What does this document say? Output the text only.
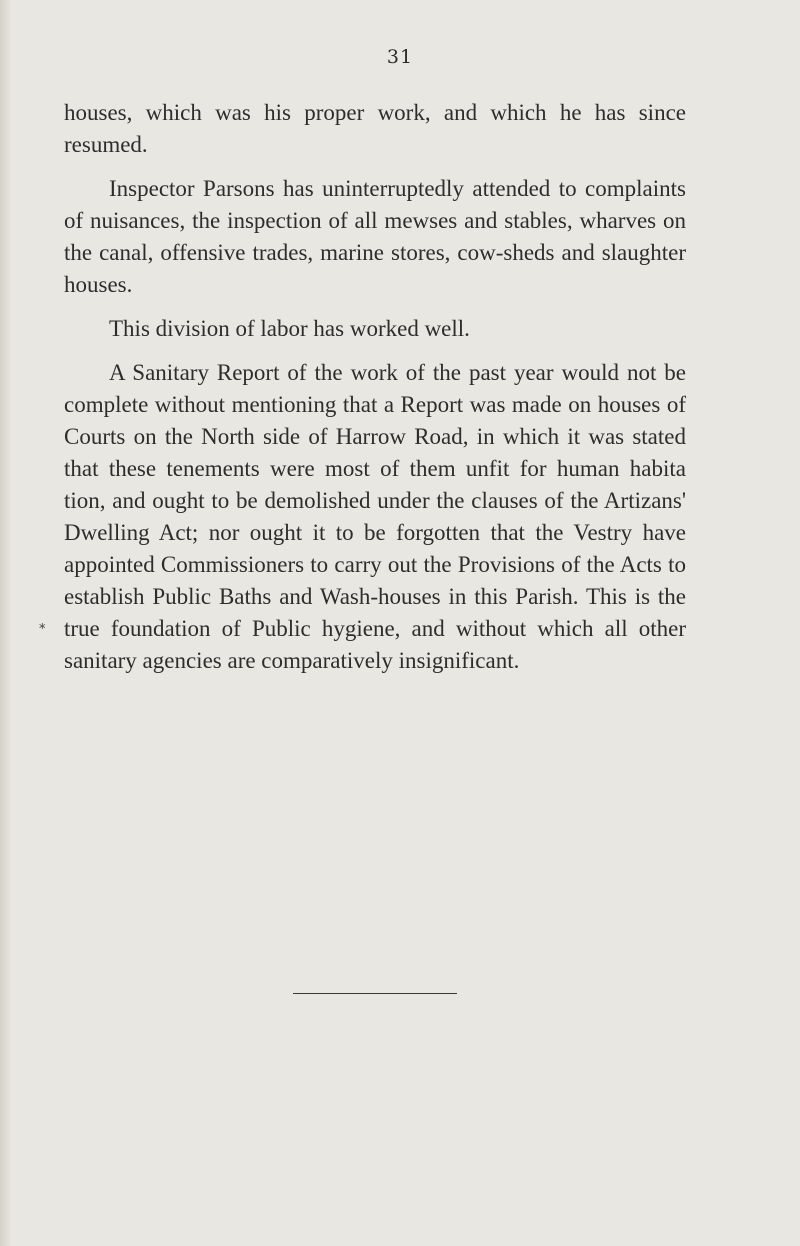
31

houses, which was his proper work, and which he has since resumed.

Inspector Parsons has uninterruptedly attended to complaints of nuisances, the inspection of all mewses and stables, wharves on the canal, offensive trades, marine stores, cow-sheds and slaughter houses.

This division of labor has worked well.

A Sanitary Report of the work of the past year would not be complete without mentioning that a Report was made on houses of Courts on the North side of Harrow Road, in which it was stated that these tenements were most of them unfit for human habita tion, and ought to be demolished under the clauses of the Artizans' Dwelling Act; nor ought it to be forgotten that the Vestry have appointed Commissioners to carry out the Provisions of the Acts to establish Public Baths and Wash-houses in this Parish. This is the true foundation of Public hygiene, and without which all other sanitary agencies are comparatively insignificant.

*
